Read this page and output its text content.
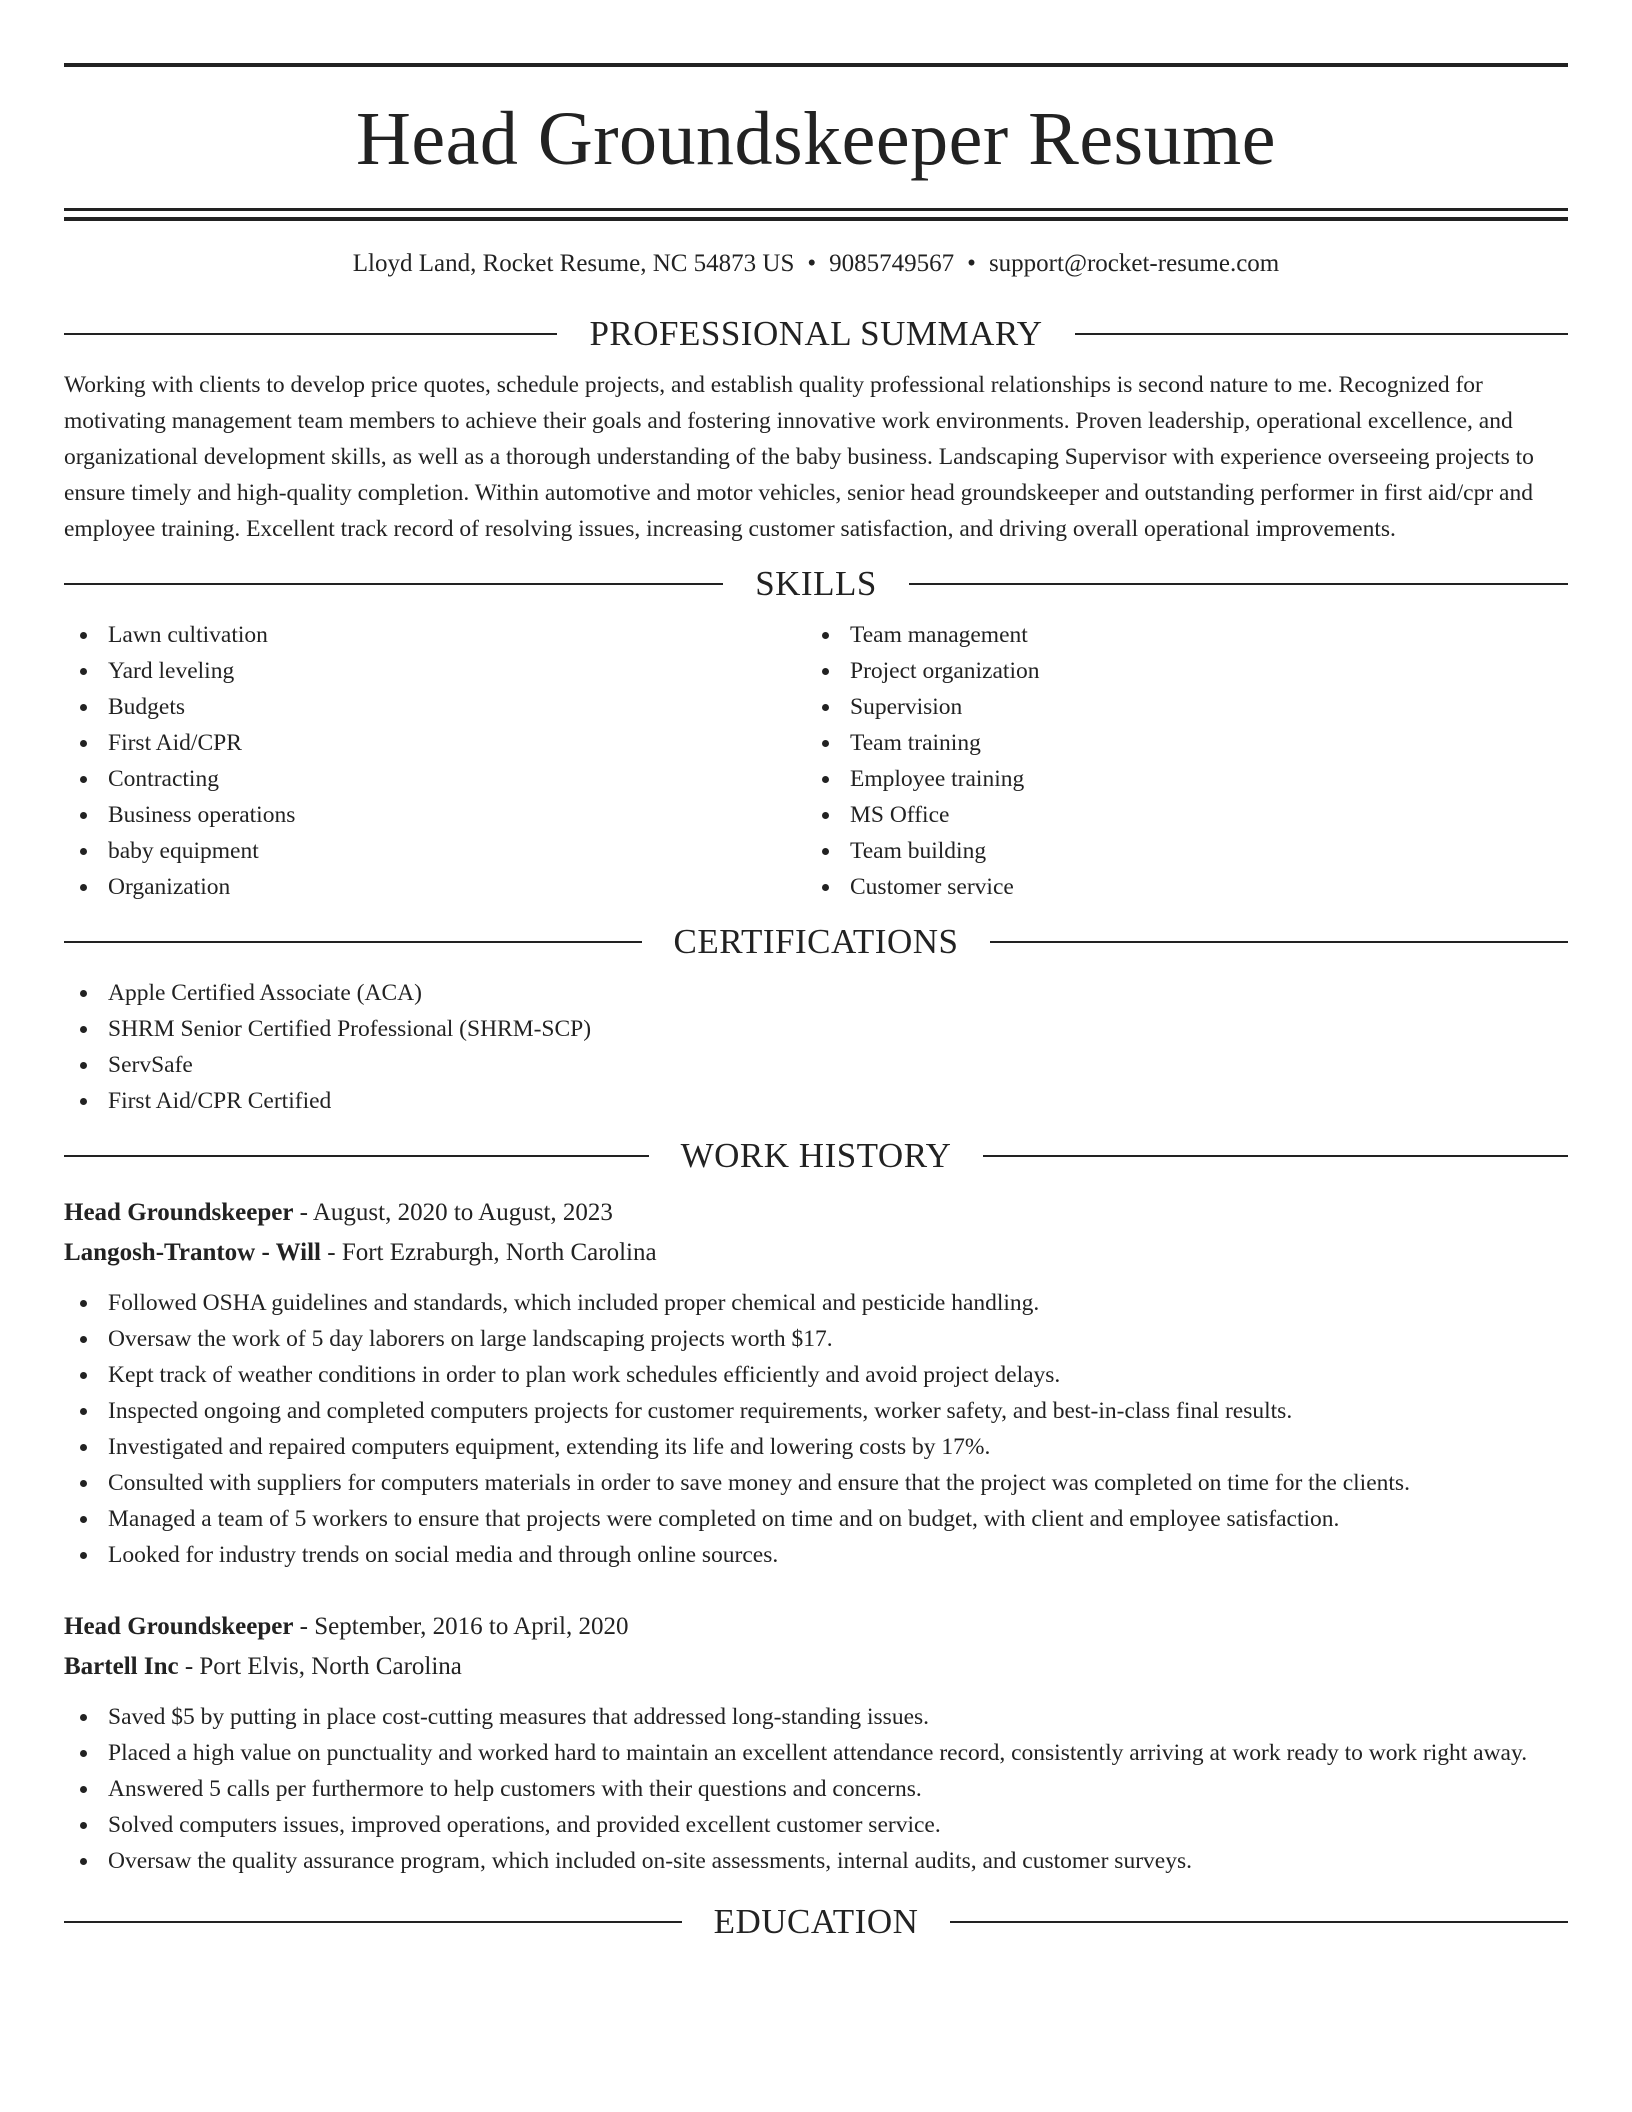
Head Groundskeeper Resume
Lloyd Land, Rocket Resume, NC 54873 US • 9085749567 • support@rocket-resume.com
PROFESSIONAL SUMMARY

Working with clients to develop price quotes, schedule projects, and establish quality professional relationships is second nature to me. Recognized for motivating management team members to achieve their goals and fostering innovative work environments. Proven leadership, operational excellence, and organizational development skills, as well as a thorough understanding of the baby business. Landscaping Supervisor with experience overseeing projects to ensure timely and high-quality completion. Within automotive and motor vehicles, senior head groundskeeper and outstanding performer in first aid/cpr and employee training. Excellent track record of resolving issues, increasing customer satisfaction, and driving overall operational improvements.

SKILLS
Lawn cultivation
Yard leveling
Budgets
First Aid/CPR
Contracting
Business operations
baby equipment
Organization
Team management
Project organization
Supervision
Team training
Employee training
MS Office
Team building
Customer service
CERTIFICATIONS
Apple Certified Associate (ACA)
SHRM Senior Certified Professional (SHRM-SCP)
ServSafe
First Aid/CPR Certified
WORK HISTORY
Head Groundskeeper - August, 2020 to August, 2023
Langosh-Trantow - Will - Fort Ezraburgh, North Carolina
Followed OSHA guidelines and standards, which included proper chemical and pesticide handling.
Oversaw the work of 5 day laborers on large landscaping projects worth $17.
Kept track of weather conditions in order to plan work schedules efficiently and avoid project delays.
Inspected ongoing and completed computers projects for customer requirements, worker safety, and best-in-class final results.
Investigated and repaired computers equipment, extending its life and lowering costs by 17%.
Consulted with suppliers for computers materials in order to save money and ensure that the project was completed on time for the clients.
Managed a team of 5 workers to ensure that projects were completed on time and on budget, with client and employee satisfaction.
Looked for industry trends on social media and through online sources.
Head Groundskeeper - September, 2016 to April, 2020
Bartell Inc - Port Elvis, North Carolina
Saved $5 by putting in place cost-cutting measures that addressed long-standing issues.
Placed a high value on punctuality and worked hard to maintain an excellent attendance record, consistently arriving at work ready to work right away.
Answered 5 calls per furthermore to help customers with their questions and concerns.
Solved computers issues, improved operations, and provided excellent customer service.
Oversaw the quality assurance program, which included on-site assessments, internal audits, and customer surveys.
EDUCATION
